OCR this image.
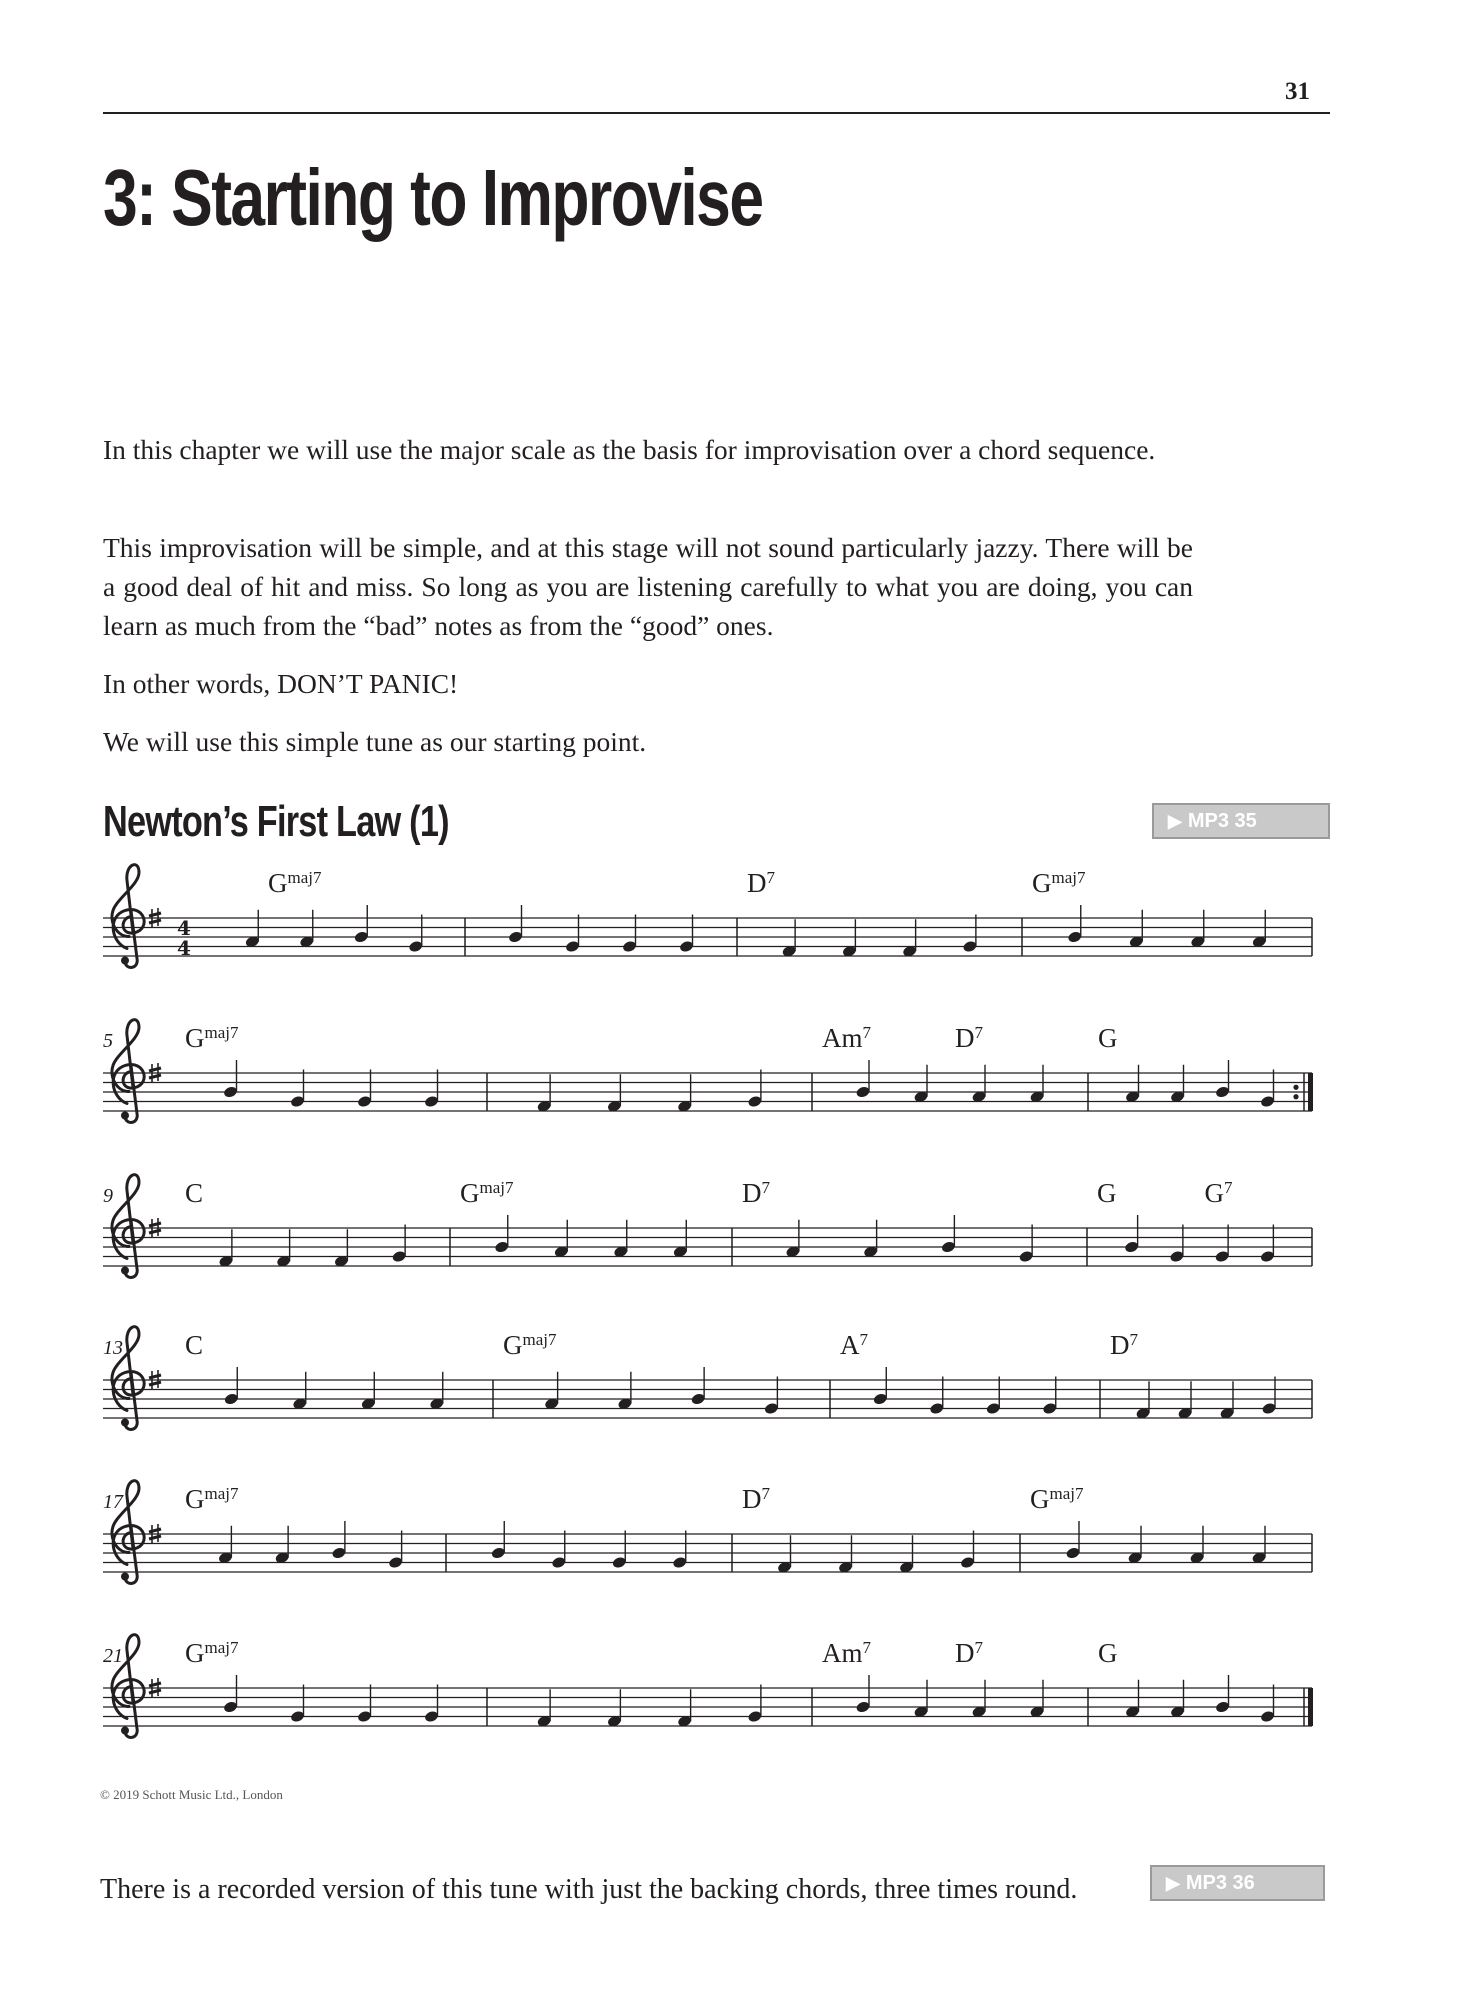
31
3: Starting to Improvise

In this chapter we will use the major scale as the basis for improvisation over a chord sequence.

This improvisation will be simple, and at this stage will not sound particularly jazzy. There will be a good deal of hit and miss. So long as you are listening carefully to what you are doing, you can learn as much from the “bad” notes as from the “good” ones.

In other words, DON’T PANIC!

We will use this simple tune as our starting point.

Newton’s First Law (1)	▶ MP3 35
4
4
$G^{maj7}$	$D^7$	$G^{maj7}$
5	$G^{maj7}$	Am$^7$	$D^7$	G
9	C	$G^{maj7}$	$D^7$	G	$G^7$
13 C	$G^{maj7}$	$A^7$	$D^7$
17 $G^{maj7}$	$D^7$	$G^{maj7}$
21 $G^{maj7}$	Am$^7$	$D^7$	G
© 2019 Schott Music Ltd., London
There is a recorded version of this tune with just the backing chords, three times round.	▶ MP3 36
